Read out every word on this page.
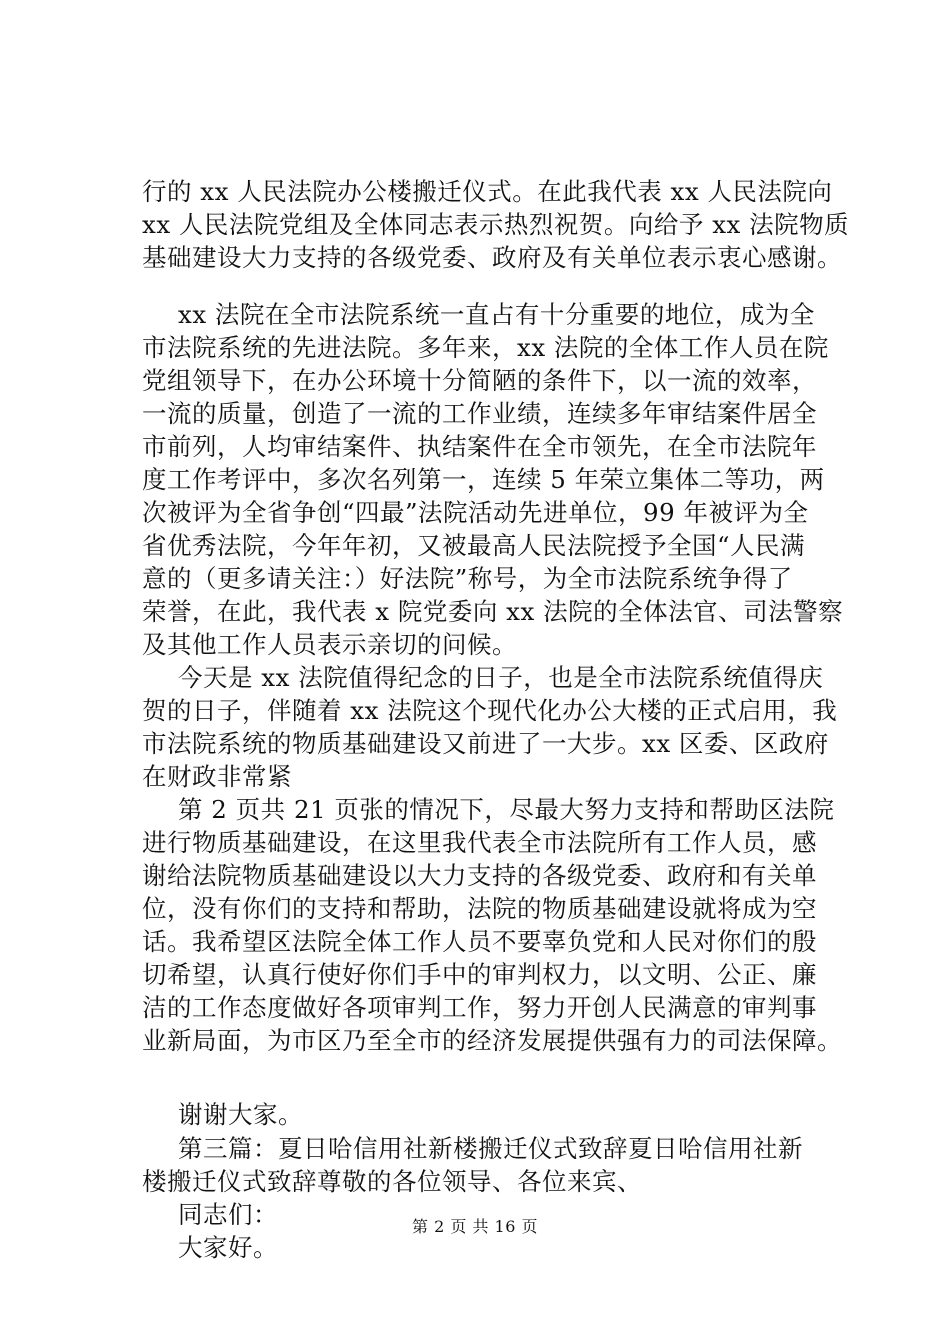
行的 xx 人民法院办公楼搬迁仪式。在此我代表 xx 人民法院向
xx 人民法院党组及全体同志表示热烈祝贺。向给予 xx 法院物质
基础建设大力支持的各级党委、政府及有关单位表示衷心感谢。
xx 法院在全市法院系统一直占有十分重要的地位，成为全
市法院系统的先进法院。多年来，xx 法院的全体工作人员在院
党组领导下，在办公环境十分简陋的条件下，以一流的效率，
一流的质量，创造了一流的工作业绩，连续多年审结案件居全
市前列，人均审结案件、执结案件在全市领先，在全市法院年
度工作考评中，多次名列第一，连续 5 年荣立集体二等功，两
次被评为全省争创“四最”法院活动先进单位，99 年被评为全
省优秀法院，今年年初，又被最高人民法院授予全国“人民满
意的（更多请关注：）好法院”称号，为全市法院系统争得了
荣誉，在此，我代表 x 院党委向 xx 法院的全体法官、司法警察
及其他工作人员表示亲切的问候。
今天是 xx 法院值得纪念的日子，也是全市法院系统值得庆
贺的日子，伴随着 xx 法院这个现代化办公大楼的正式启用，我
市法院系统的物质基础建设又前进了一大步。xx 区委、区政府
在财政非常紧
第 2 页共 21 页张的情况下，尽最大努力支持和帮助区法院
进行物质基础建设，在这里我代表全市法院所有工作人员，感
谢给法院物质基础建设以大力支持的各级党委、政府和有关单
位，没有你们的支持和帮助，法院的物质基础建设就将成为空
话。我希望区法院全体工作人员不要辜负党和人民对你们的殷
切希望，认真行使好你们手中的审判权力，以文明、公正、廉
洁的工作态度做好各项审判工作，努力开创人民满意的审判事
业新局面，为市区乃至全市的经济发展提供强有力的司法保障。
谢谢大家。
第三篇：夏日哈信用社新楼搬迁仪式致辞夏日哈信用社新
楼搬迁仪式致辞尊敬的各位领导、各位来宾、
同志们：
大家好。
第 2 页 共 16 页
